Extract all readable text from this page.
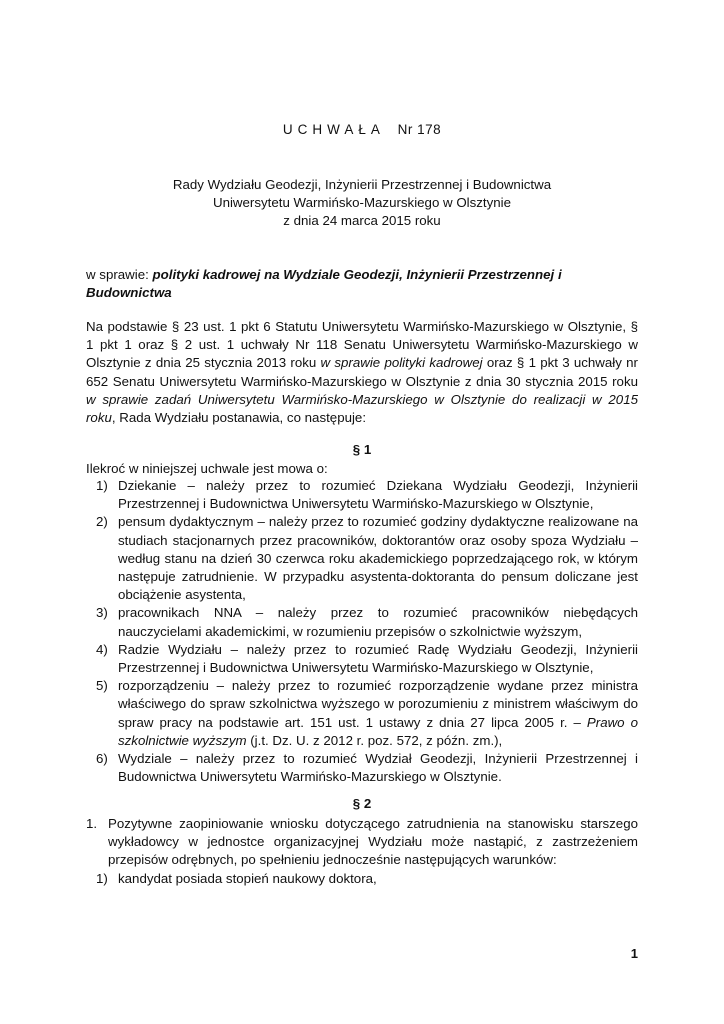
UCHWAŁA Nr 178
Rady Wydziału Geodezji, Inżynierii Przestrzennej i Budownictwa
Uniwersytetu Warmińsko-Mazurskiego w Olsztynie
z dnia 24 marca 2015 roku
w sprawie: polityki kadrowej na Wydziale Geodezji, Inżynierii Przestrzennej i Budownictwa
Na podstawie § 23 ust. 1 pkt 6 Statutu Uniwersytetu Warmińsko-Mazurskiego w Olsztynie, § 1 pkt 1 oraz § 2 ust. 1 uchwały Nr 118 Senatu Uniwersytetu Warmińsko-Mazurskiego w Olsztynie z dnia 25 stycznia 2013 roku w sprawie polityki kadrowej oraz § 1 pkt 3 uchwały nr 652 Senatu Uniwersytetu Warmińsko-Mazurskiego w Olsztynie z dnia 30 stycznia 2015 roku w sprawie zadań Uniwersytetu Warmińsko-Mazurskiego w Olsztynie do realizacji w 2015 roku, Rada Wydziału postanawia, co następuje:
§ 1
Ilekroć w niniejszej uchwale jest mowa o:
1) Dziekanie – należy przez to rozumieć Dziekana Wydziału Geodezji, Inżynierii Przestrzennej i Budownictwa Uniwersytetu Warmińsko-Mazurskiego w Olsztynie,
2) pensum dydaktycznym – należy przez to rozumieć godziny dydaktyczne realizowane na studiach stacjonarnych przez pracowników, doktorantów oraz osoby spoza Wydziału – według stanu na dzień 30 czerwca roku akademickiego poprzedzającego rok, w którym następuje zatrudnienie. W przypadku asystenta-doktoranta do pensum doliczane jest obciążenie asystenta,
3) pracownikach NNA – należy przez to rozumieć pracowników niebędących nauczycielami akademickimi, w rozumieniu przepisów o szkolnictwie wyższym,
4) Radzie Wydziału – należy przez to rozumieć Radę Wydziału Geodezji, Inżynierii Przestrzennej i Budownictwa Uniwersytetu Warmińsko-Mazurskiego w Olsztynie,
5) rozporządzeniu – należy przez to rozumieć rozporządzenie wydane przez ministra właściwego do spraw szkolnictwa wyższego w porozumieniu z ministrem właściwym do spraw pracy na podstawie art. 151 ust. 1 ustawy z dnia 27 lipca 2005 r. – Prawo o szkolnictwie wyższym (j.t. Dz. U. z 2012 r. poz. 572, z późn. zm.),
6) Wydziale – należy przez to rozumieć Wydział Geodezji, Inżynierii Przestrzennej i Budownictwa Uniwersytetu Warmińsko-Mazurskiego w Olsztynie.
§ 2
1. Pozytywne zaopiniowanie wniosku dotyczącego zatrudnienia na stanowisku starszego wykładowcy w jednostce organizacyjnej Wydziału może nastąpić, z zastrzeżeniem przepisów odrębnych, po spełnieniu jednocześnie następujących warunków:
1) kandydat posiada stopień naukowy doktora,
1
